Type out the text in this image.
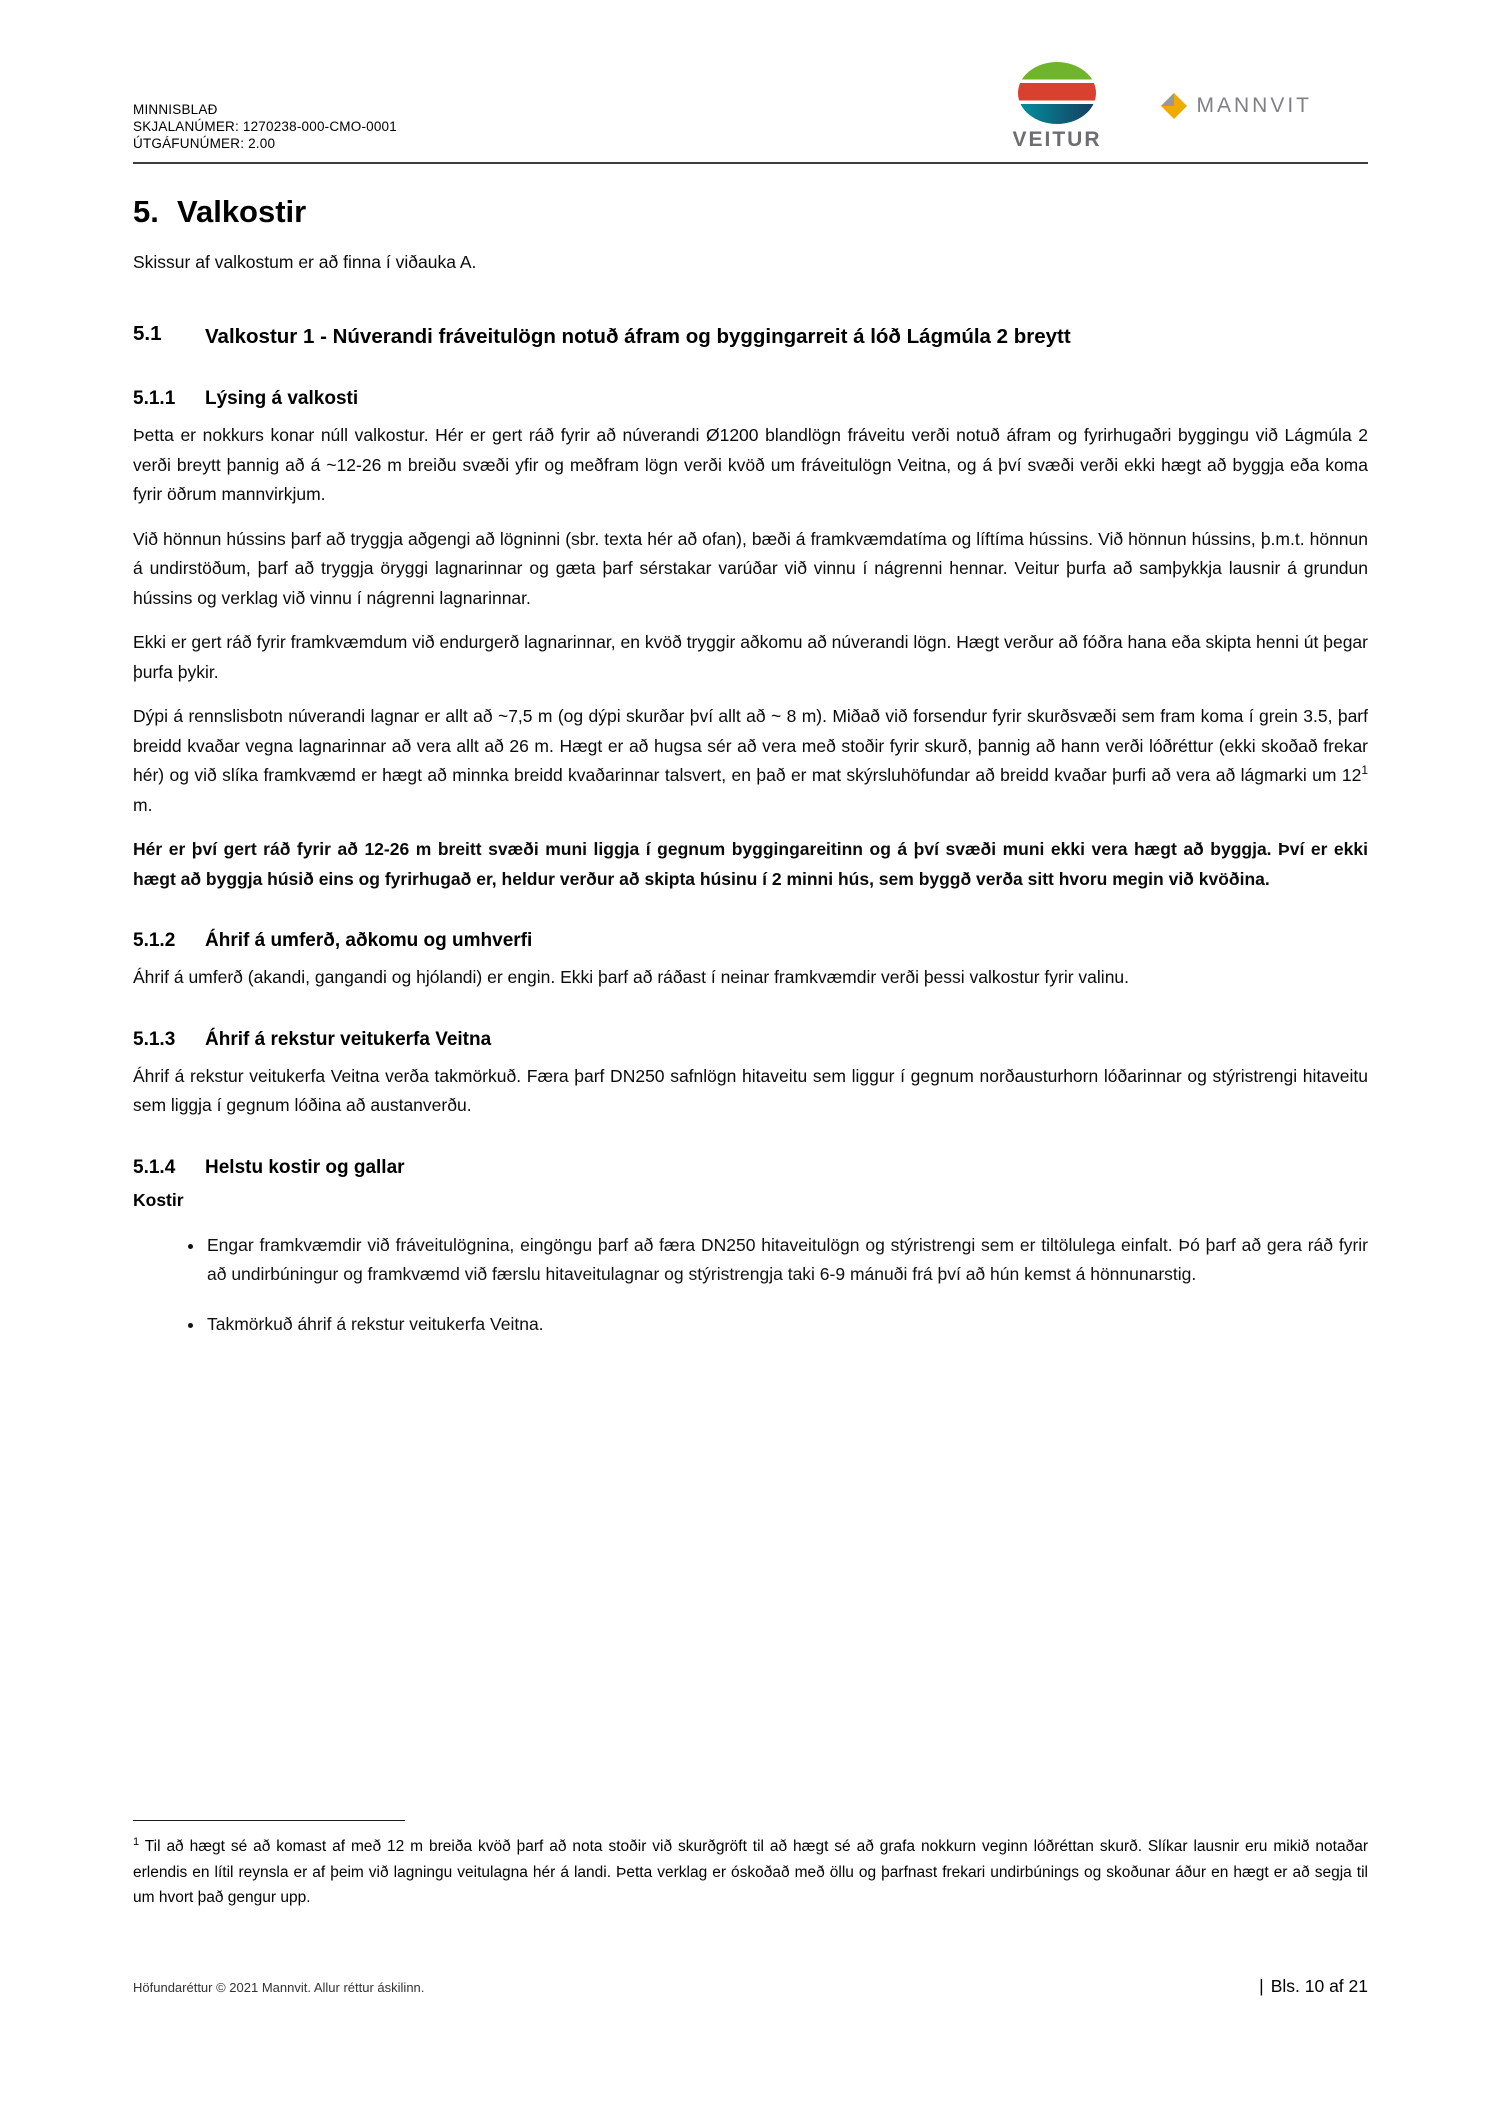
MINNISBLAÐ
SKJALANÚMER: 1270238-000-CMO-0001
ÚTGÁFUNÚMER: 2.00	VEITUR
MANNVIT
5. Valkostir

Skissur af valkostum er að finna í viðauka A.

5.1	Valkostur 1 - Núverandi fráveitulögn notuð áfram og byggingarreit á lóð Lágmúla 2 breytt
5.1.1	Lýsing á valkosti

Þetta er nokkurs konar núll valkostur. Hér er gert ráð fyrir að núverandi Ø1200 blandlögn fráveitu verði notuð áfram og fyrirhugaðri byggingu við Lágmúla 2 verði breytt þannig að á ~12-26 m breiðu svæði yfir og meðfram lögn verði kvöð um fráveitulögn Veitna, og á því svæði verði ekki hægt að byggja eða koma fyrir öðrum mannvirkjum.

Við hönnun hússins þarf að tryggja aðgengi að lögninni (sbr. texta hér að ofan), bæði á framkvæmdatíma og líftíma hússins. Við hönnun hússins, þ.m.t. hönnun á undirstöðum, þarf að tryggja öryggi lagnarinnar og gæta þarf sérstakar varúðar við vinnu í nágrenni hennar. Veitur þurfa að samþykkja lausnir á grundun hússins og verklag við vinnu í nágrenni lagnarinnar.

Ekki er gert ráð fyrir framkvæmdum við endurgerð lagnarinnar, en kvöð tryggir aðkomu að núverandi lögn. Hægt verður að fóðra hana eða skipta henni út þegar þurfa þykir.

Dýpi á rennslisbotn núverandi lagnar er allt að ~7,5 m (og dýpi skurðar því allt að ~ 8 m). Miðað við forsendur fyrir skurðsvæði sem fram koma í grein 3.5, þarf breidd kvaðar vegna lagnarinnar að vera allt að 26 m. Hægt er að hugsa sér að vera með stoðir fyrir skurð, þannig að hann verði lóðréttur (ekki skoðað frekar hér) og við slíka framkvæmd er hægt að minnka breidd kvaðarinnar talsvert, en það er mat skýrsluhöfundar að breidd kvaðar þurfi að vera að lágmarki um 12$^1$ m.

Hér er því gert ráð fyrir að 12-26 m breitt svæði muni liggja í gegnum byggingareitinn og á því svæði muni ekki vera hægt að byggja. Því er ekki hægt að byggja húsið eins og fyrirhugað er, heldur verður að skipta húsinu í 2 minni hús, sem byggð verða sitt hvoru megin við kvöðina.

5.1.2	Áhrif á umferð, aðkomu og umhverfi

Áhrif á umferð (akandi, gangandi og hjólandi) er engin. Ekki þarf að ráðast í neinar framkvæmdir verði þessi valkostur fyrir valinu.

5.1.3	Áhrif á rekstur veitukerfa Veitna

Áhrif á rekstur veitukerfa Veitna verða takmörkuð. Færa þarf DN250 safnlögn hitaveitu sem liggur í gegnum norðausturhorn lóðarinnar og stýristrengi hitaveitu sem liggja í gegnum lóðina að austanverðu.

5.1.4	Helstu kostir og gallar
Kostir
• Engar framkvæmdir við fráveitulögnina, eingöngu þarf að færa DN250 hitaveitulögn og stýristrengi sem er tiltölulega einfalt. Þó þarf að gera ráð fyrir að undirbúningur og framkvæmd við færslu hitaveitulagnar og stýristrengja taki 6-9 mánuði frá því að hún kemst á hönnunarstig.
• Takmörkuð áhrif á rekstur veitukerfa Veitna.

$^1$ Til að hægt sé að komast af með 12 m breiða kvöð þarf að nota stoðir við skurðgröft til að hægt sé að grafa nokkurn veginn lóðréttan skurð. Slíkar lausnir eru mikið notaðar erlendis en lítil reynsla er af þeim við lagningu veitulagna hér á landi. Þetta verklag er óskoðað með öllu og þarfnast frekari undirbúnings og skoðunar áður en hægt er að segja til um hvort það gengur upp.

Höfundaréttur © 2021 Mannvit. Allur réttur áskilinn.	| Bls. 10 af 21
